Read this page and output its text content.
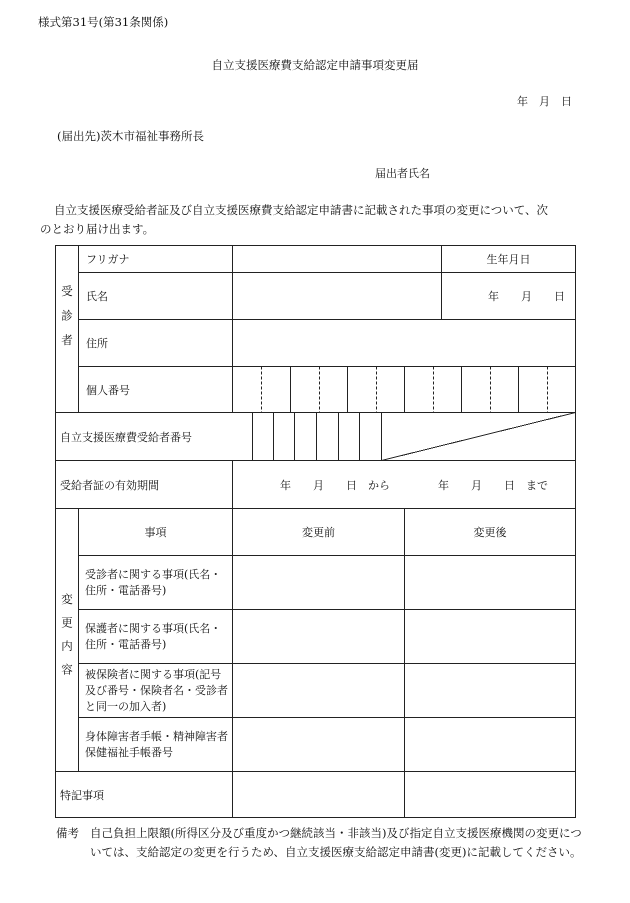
様式第31号(第31条関係)
自立支援医療費支給認定申請事項変更届
年　月　日
(届出先)茨木市福祉事務所長
届出者氏名
自立支援医療受給者証及び自立支援医療費支給認定申請書に記載された事項の変更について、次
のとおり届け出ます。
受診者
フリガナ	生年月日
氏名	年　　月　　日
住所
個人番号
自立支援医療費受給者番号
受給者証の有効期間	年　　月　　日　から	年　　月　　日　まで
変更内容
事項	変更前	変更後
受診者に関する事項(氏名・住所・電話番号)
保護者に関する事項(氏名・住所・電話番号)
被保険者に関する事項(記号及び番号・保険者名・受診者と同一の加入者)
身体障害者手帳・精神障害者保健福祉手帳番号
特記事項
備考 自己負担上限額(所得区分及び重度かつ継続該当・非該当)及び指定自立支援医療機関の変更については、支給認定の変更を行うため、自立支援医療支給認定申請書(変更)に記載してください。
